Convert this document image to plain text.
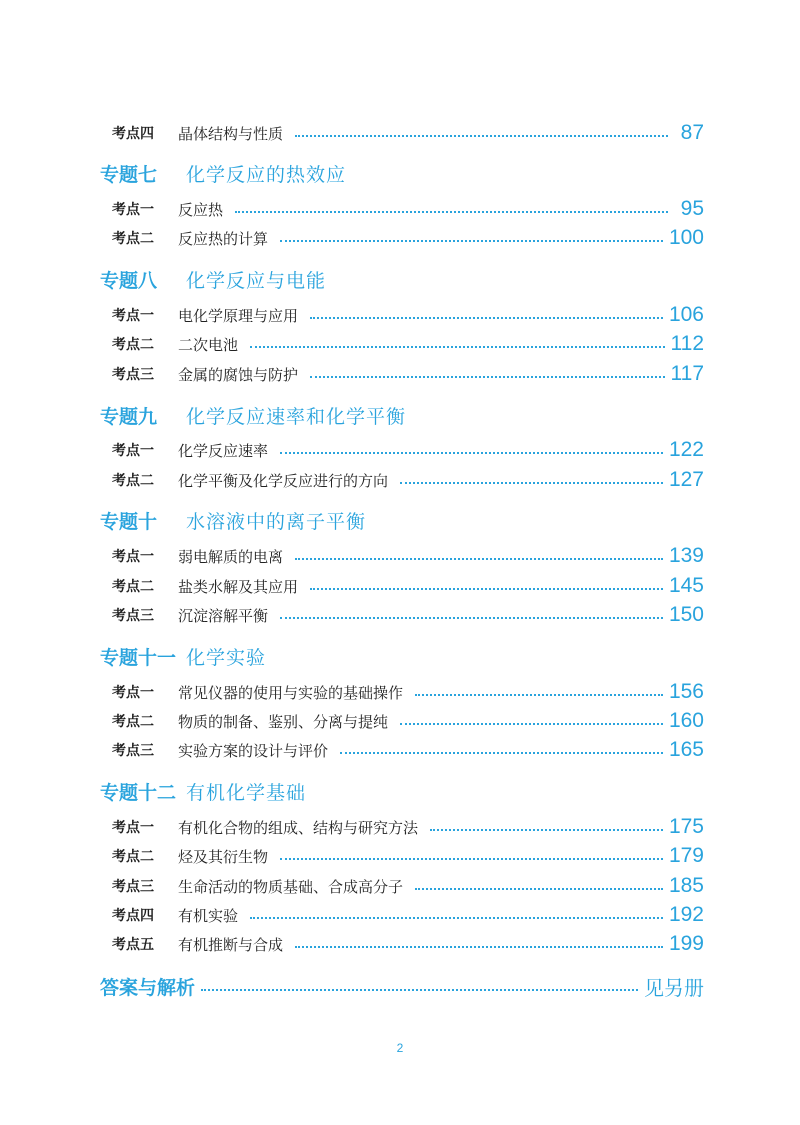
考点四	晶体结构与性质	87
专题七	化学反应的热效应
考点一	反应热	95
考点二	反应热的计算	100
专题八	化学反应与电能
考点一	电化学原理与应用	106
考点二	二次电池	112
考点三	金属的腐蚀与防护	117
专题九	化学反应速率和化学平衡
考点一	化学反应速率	122
考点二	化学平衡及化学反应进行的方向	127
专题十	水溶液中的离子平衡
考点一	弱电解质的电离	139
考点二	盐类水解及其应用	145
考点三	沉淀溶解平衡	150
专题十一 化学实验
考点一	常见仪器的使用与实验的基础操作	156
考点二	物质的制备、鉴别、分离与提纯	160
考点三	实验方案的设计与评价	165
专题十二 有机化学基础
考点一	有机化合物的组成、结构与研究方法	175
考点二	烃及其衍生物	179
考点三	生命活动的物质基础、合成高分子	185
考点四	有机实验	192
考点五	有机推断与合成	199
答案与解析	见另册
2
